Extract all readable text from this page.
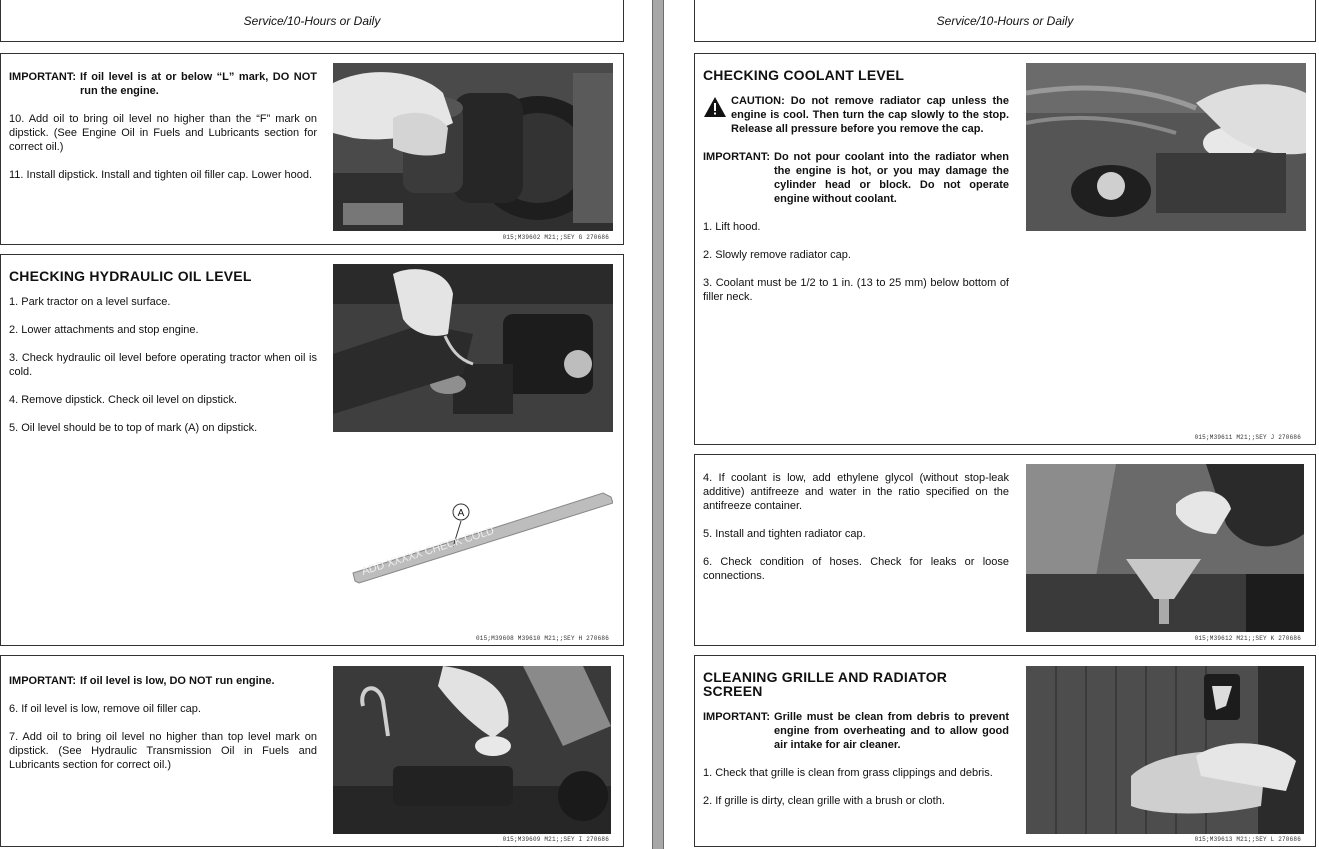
Service/10-Hours or Daily
IMPORTANT: If oil level is at or below “L” mark, DO NOT run the engine.

10. Add oil to bring oil level no higher than the “F” mark on dipstick. (See Engine Oil in Fuels and Lubricants section for correct oil.)

11. Install dipstick. Install and tighten oil filler cap. Lower hood.

015;M39602 M21;;SEY G 270686

CHECKING HYDRAULIC OIL LEVEL

1. Park tractor on a level surface.

2. Lower attachments and stop engine.

3. Check hydraulic oil level before operating tractor when oil is cold.

4. Remove dipstick. Check oil level on dipstick.

5. Oil level should be to top of mark (A) on dipstick.

A
ADD XXXXX CHECK COLD
015;M39608 M39610 M21;;SEY H 270686
IMPORTANT: If oil level is low, DO NOT run engine.

6. If oil level is low, remove oil filler cap.

7. Add oil to bring oil level no higher than top level mark on dipstick. (See Hydraulic Transmission Oil in Fuels and Lubricants section for correct oil.)

015;M39609 M21;;SEY I 270686
Service/10-Hours or Daily

CHECKING COOLANT LEVEL

CAUTION: Do not remove radiator cap unless the engine is cool. Then turn the cap slowly to the stop. Release all pressure before you remove the cap.
IMPORTANT: Do not pour coolant into the radiator when the engine is hot, or you may damage the cylinder head or block. Do not operate engine without coolant.

1. Lift hood.

2. Slowly remove radiator cap.

3. Coolant must be 1/2 to 1 in. (13 to 25 mm) below bottom of filler neck.

015;M39611 M21;;SEY J 270686

4. If coolant is low, add ethylene glycol (without stop-leak additive) antifreeze and water in the ratio specified on the antifreeze container.

5. Install and tighten radiator cap.

6. Check condition of hoses. Check for leaks or loose connections.

015;M39612 M21;;SEY K 270686

CLEANING GRILLE AND RADIATOR SCREEN

IMPORTANT: Grille must be clean from debris to prevent engine from overheating and to allow good air intake for air cleaner.

1. Check that grille is clean from grass clippings and debris.

2. If grille is dirty, clean grille with a brush or cloth.

015;M39613 M21;;SEY L 270686
